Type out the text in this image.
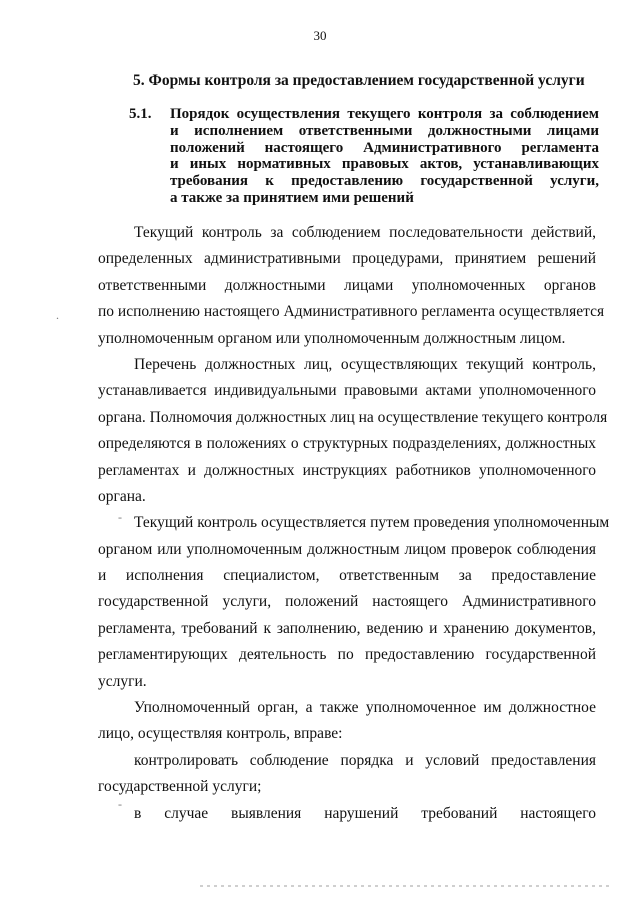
30
5. Формы контроля за предоставлением государственной услуги
5.1. Порядок осуществления текущего контроля за соблюдением
и исполнением ответственными должностными лицами
положений настоящего Административного регламента
и иных нормативных правовых актов, устанавливающих
требования к предоставлению государственной услуги,
а также за принятием ими решений

Текущий контроль за соблюдением последовательности действий,
определенных административными процедурами, принятием решений
ответственными должностными лицами уполномоченных органов
по исполнению настоящего Административного регламента осуществляется
уполномоченным органом или уполномоченным должностным лицом.

Перечень должностных лиц, осуществляющих текущий контроль,
устанавливается индивидуальными правовыми актами уполномоченного
органа. Полномочия должностных лиц на осуществление текущего контроля
определяются в положениях о структурных подразделениях, должностных
регламентах и должностных инструкциях работников уполномоченного
органа.

Текущий контроль осуществляется путем проведения уполномоченным
органом или уполномоченным должностным лицом проверок соблюдения
и исполнения специалистом, ответственным за предоставление
государственной услуги, положений настоящего Административного
регламента, требований к заполнению, ведению и хранению документов,
регламентирующих деятельность по предоставлению государственной
услуги.

Уполномоченный орган, а также уполномоченное им должностное
лицо, осуществляя контроль, вправе:

контролировать соблюдение порядка и условий предоставления
государственной услуги;

в случае выявления нарушений требований настоящего

-
-
.
